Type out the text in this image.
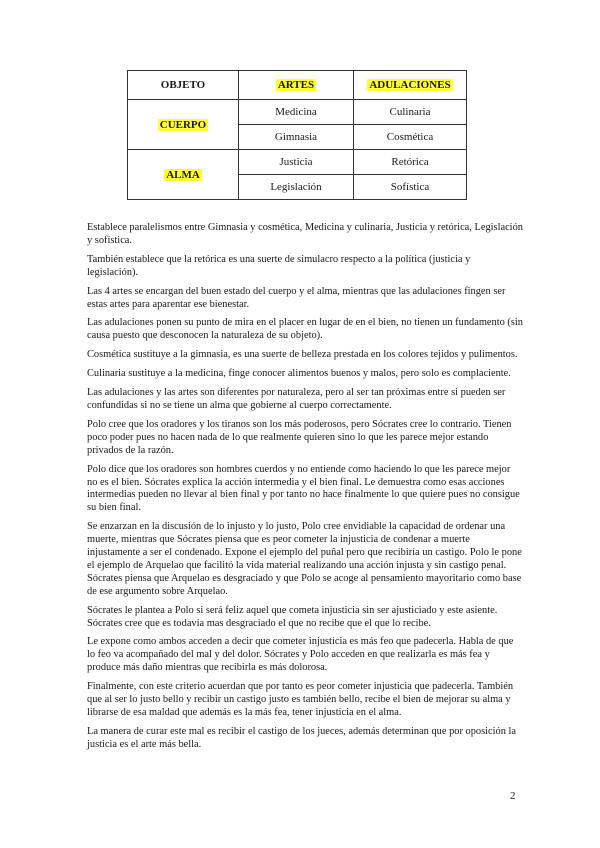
OBJETO	ARTES	ADULACIONES
CUERPO	Medicina	Culinaria
	Gimnasia	Cosmética
ALMA	Justicia	Retórica
	Legislación	Sofística

Establece paralelismos entre Gimnasia y cosmética, Medicina y culinaria, Justicia y retórica, Legislación y sofística.

También establece que la retórica es una suerte de simulacro respecto a la política (justicia y legislación).

Las 4 artes se encargan del buen estado del cuerpo y el alma, mientras que las adulaciones fingen ser estas artes para aparentar ese bienestar.

Las adulaciones ponen su punto de mira en el placer en lugar de en el bien, no tienen un fundamento (sin causa puesto que desconocen la naturaleza de su objeto).

Cosmética sustituye a la gimnasia, es una suerte de belleza prestada en los colores tejidos y pulimentos.

Culinaria sustituye a la medicina, finge conocer alimentos buenos y malos, pero solo es complaciente.

Las adulaciones y las artes son diferentes por naturaleza, pero al ser tan próximas entre si pueden ser confundidas si no se tiene un alma que gobierne al cuerpo correctamente.

Polo cree que los oradores y los tiranos son los más poderosos, pero Sócrates cree lo contrario. Tienen poco poder pues no hacen nada de lo que realmente quieren sino lo que les parece mejor estando privados de la razón.

Polo dice que los oradores son hombres cuerdos y no entiende como haciendo lo que les parece mejor no es el bien. Sócrates explica la acción intermedia y el bien final. Le demuestra como esas acciones intermedias pueden no llevar al bien final y por tanto no hace finalmente lo que quiere pues no consigue su bien final.

Se enzarzan en la discusión de lo injusto y lo justo, Polo cree envidiable la capacidad de ordenar una muerte, mientras que Sócrates piensa que es peor cometer la injusticia de condenar a muerte injustamente a ser el condenado. Expone el ejemplo del puñal pero que recibiría un castigo. Polo le pone el ejemplo de Arquelao que facilitó la vida material realizando una acción injusta y sin castigo penal. Sócrates piensa que Arquelao es desgraciado y que Polo se acoge al pensamiento mayoritario como base de ese argumento sobre Arquelao.

Sócrates le plantea a Polo si será feliz aquel que cometa injusticia sin ser ajusticiado y este asiente. Sócrates cree que es todavía mas desgraciado el que no recibe que el que lo recibe.

Le expone como ambos acceden a decir que cometer injusticia es más feo que padecerla. Habla de que lo feo va acompañado del mal y del dolor. Sócrates y Polo acceden en que realizarla es más fea y produce más daño mientras que recibirla es más dolorosa.

Finalmente, con este criterio acuerdan que por tanto es peor cometer injusticia que padecerla. También que al ser lo justo bello y recibir un castigo justo es también bello, recibe el bien de mejorar su alma y librarse de esa maldad que además es la más fea, tener injusticia en el alma.

La manera de curar este mal es recibir el castigo de los jueces, además determinan que por oposición la justicia es el arte más bella.

2
